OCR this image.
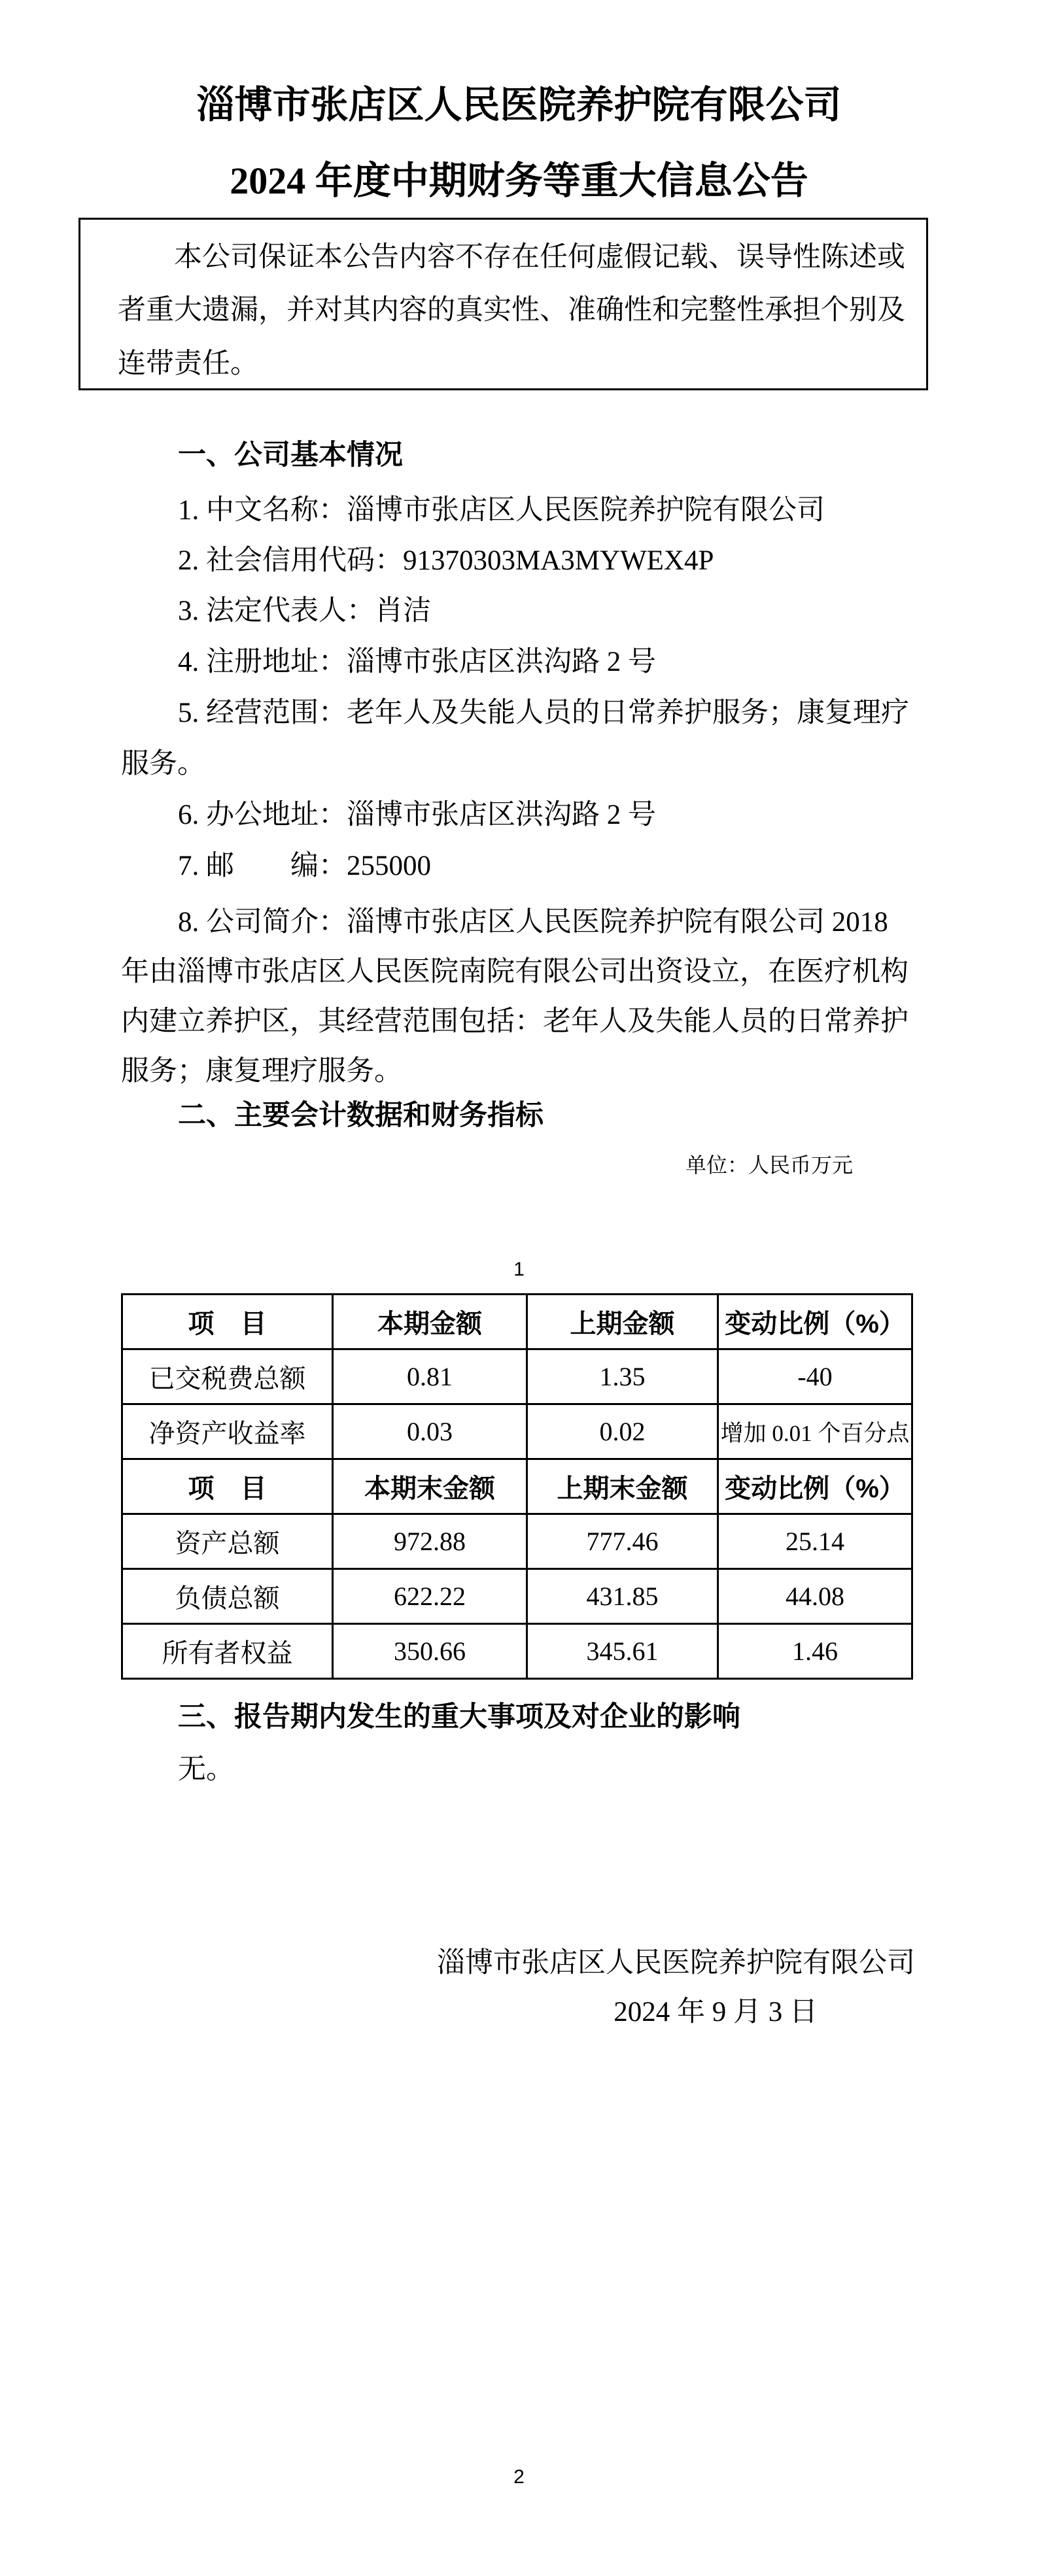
淄博市张店区人民医院养护院有限公司
2024 年度中期财务等重大信息公告
本公司保证本公告内容不存在任何虚假记载、误导性陈述或
者重大遗漏，并对其内容的真实性、准确性和完整性承担个别及
连带责任。
一、公司基本情况
1. 中文名称：淄博市张店区人民医院养护院有限公司
2. 社会信用代码：91370303MA3MYWEX4P
3. 法定代表人：肖洁
4. 注册地址：淄博市张店区洪沟路 2 号
5. 经营范围：老年人及失能人员的日常养护服务；康复理疗
服务。
6. 办公地址：淄博市张店区洪沟路 2 号
7. 邮　　编：255000
8. 公司简介：淄博市张店区人民医院养护院有限公司 2018
年由淄博市张店区人民医院南院有限公司出资设立，在医疗机构
内建立养护区，其经营范围包括：老年人及失能人员的日常养护
服务；康复理疗服务。
二、主要会计数据和财务指标
单位：人民币万元
1
项　目	本期金额	上期金额	变动比例（%）
已交税费总额	0.81	1.35	-40
净资产收益率	0.03	0.02	增加 0.01 个百分点
项　目	本期末金额	上期末金额	变动比例（%）
资产总额	972.88	777.46	25.14
负债总额	622.22	431.85	44.08
所有者权益	350.66	345.61	1.46
三、报告期内发生的重大事项及对企业的影响
无。
淄博市张店区人民医院养护院有限公司
2024 年 9 月 3 日
2
